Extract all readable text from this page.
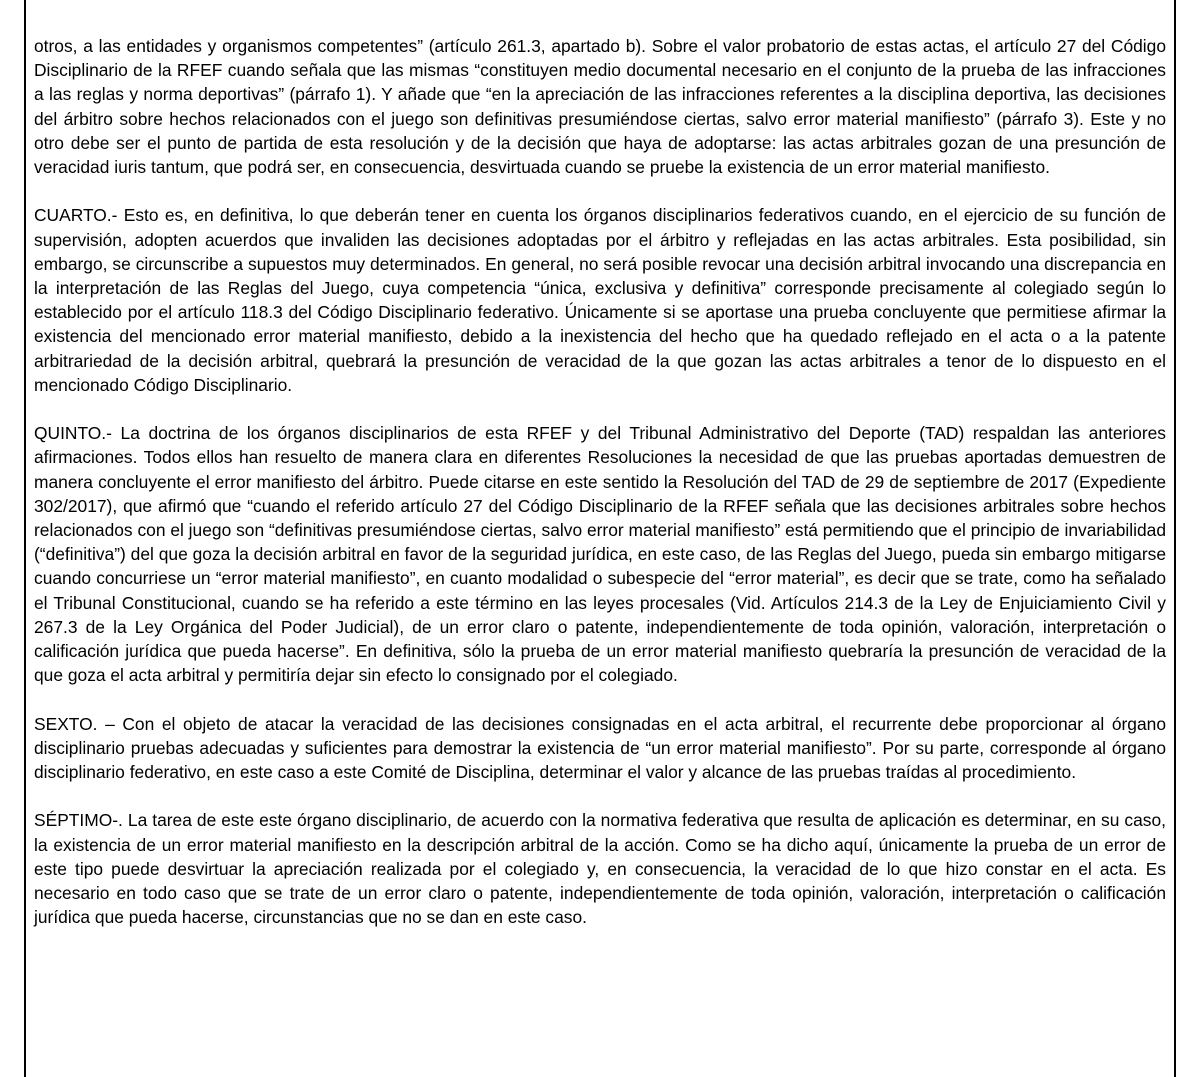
otros, a las entidades y organismos competentes” (artículo 261.3, apartado b). Sobre el valor probatorio de estas actas, el artículo 27 del Código Disciplinario de la RFEF cuando señala que las mismas “constituyen medio documental necesario en el conjunto de la prueba de las infracciones a las reglas y norma deportivas” (párrafo 1). Y añade que “en la apreciación de las infracciones referentes a la disciplina deportiva, las decisiones del árbitro sobre hechos relacionados con el juego son definitivas presumiéndose ciertas, salvo error material manifiesto” (párrafo 3). Este y no otro debe ser el punto de partida de esta resolución y de la decisión que haya de adoptarse: las actas arbitrales gozan de una presunción de veracidad iuris tantum, que podrá ser, en consecuencia, desvirtuada cuando se pruebe la existencia de un error material manifiesto.

CUARTO.- Esto es, en definitiva, lo que deberán tener en cuenta los órganos disciplinarios federativos cuando, en el ejercicio de su función de supervisión, adopten acuerdos que invaliden las decisiones adoptadas por el árbitro y reflejadas en las actas arbitrales. Esta posibilidad, sin embargo, se circunscribe a supuestos muy determinados. En general, no será posible revocar una decisión arbitral invocando una discrepancia en la interpretación de las Reglas del Juego, cuya competencia “única, exclusiva y definitiva” corresponde precisamente al colegiado según lo establecido por el artículo 118.3 del Código Disciplinario federativo. Únicamente si se aportase una prueba concluyente que permitiese afirmar la existencia del mencionado error material manifiesto, debido a la inexistencia del hecho que ha quedado reflejado en el acta o a la patente arbitrariedad de la decisión arbitral, quebrará la presunción de veracidad de la que gozan las actas arbitrales a tenor de lo dispuesto en el mencionado Código Disciplinario.

QUINTO.- La doctrina de los órganos disciplinarios de esta RFEF y del Tribunal Administrativo del Deporte (TAD) respaldan las anteriores afirmaciones. Todos ellos han resuelto de manera clara en diferentes Resoluciones la necesidad de que las pruebas aportadas demuestren de manera concluyente el error manifiesto del árbitro. Puede citarse en este sentido la Resolución del TAD de 29 de septiembre de 2017 (Expediente 302/2017), que afirmó que “cuando el referido artículo 27 del Código Disciplinario de la RFEF señala que las decisiones arbitrales sobre hechos relacionados con el juego son “definitivas presumiéndose ciertas, salvo error material manifiesto” está permitiendo que el principio de invariabilidad (“definitiva”) del que goza la decisión arbitral en favor de la seguridad jurídica, en este caso, de las Reglas del Juego, pueda sin embargo mitigarse cuando concurriese un “error material manifiesto”, en cuanto modalidad o subespecie del “error material”, es decir que se trate, como ha señalado el Tribunal Constitucional, cuando se ha referido a este término en las leyes procesales (Vid. Artículos 214.3 de la Ley de Enjuiciamiento Civil y 267.3 de la Ley Orgánica del Poder Judicial), de un error claro o patente, independientemente de toda opinión, valoración, interpretación o calificación jurídica que pueda hacerse”. En definitiva, sólo la prueba de un error material manifiesto quebraría la presunción de veracidad de la que goza el acta arbitral y permitiría dejar sin efecto lo consignado por el colegiado.

SEXTO. – Con el objeto de atacar la veracidad de las decisiones consignadas en el acta arbitral, el recurrente debe proporcionar al órgano disciplinario pruebas adecuadas y suficientes para demostrar la existencia de “un error material manifiesto”. Por su parte, corresponde al órgano disciplinario federativo, en este caso a este Comité de Disciplina, determinar el valor y alcance de las pruebas traídas al procedimiento.

SÉPTIMO-. La tarea de este este órgano disciplinario, de acuerdo con la normativa federativa que resulta de aplicación es determinar, en su caso, la existencia de un error material manifiesto en la descripción arbitral de la acción. Como se ha dicho aquí, únicamente la prueba de un error de este tipo puede desvirtuar la apreciación realizada por el colegiado y, en consecuencia, la veracidad de lo que hizo constar en el acta. Es necesario en todo caso que se trate de un error claro o patente, independientemente de toda opinión, valoración, interpretación o calificación jurídica que pueda hacerse, circunstancias que no se dan en este caso.
